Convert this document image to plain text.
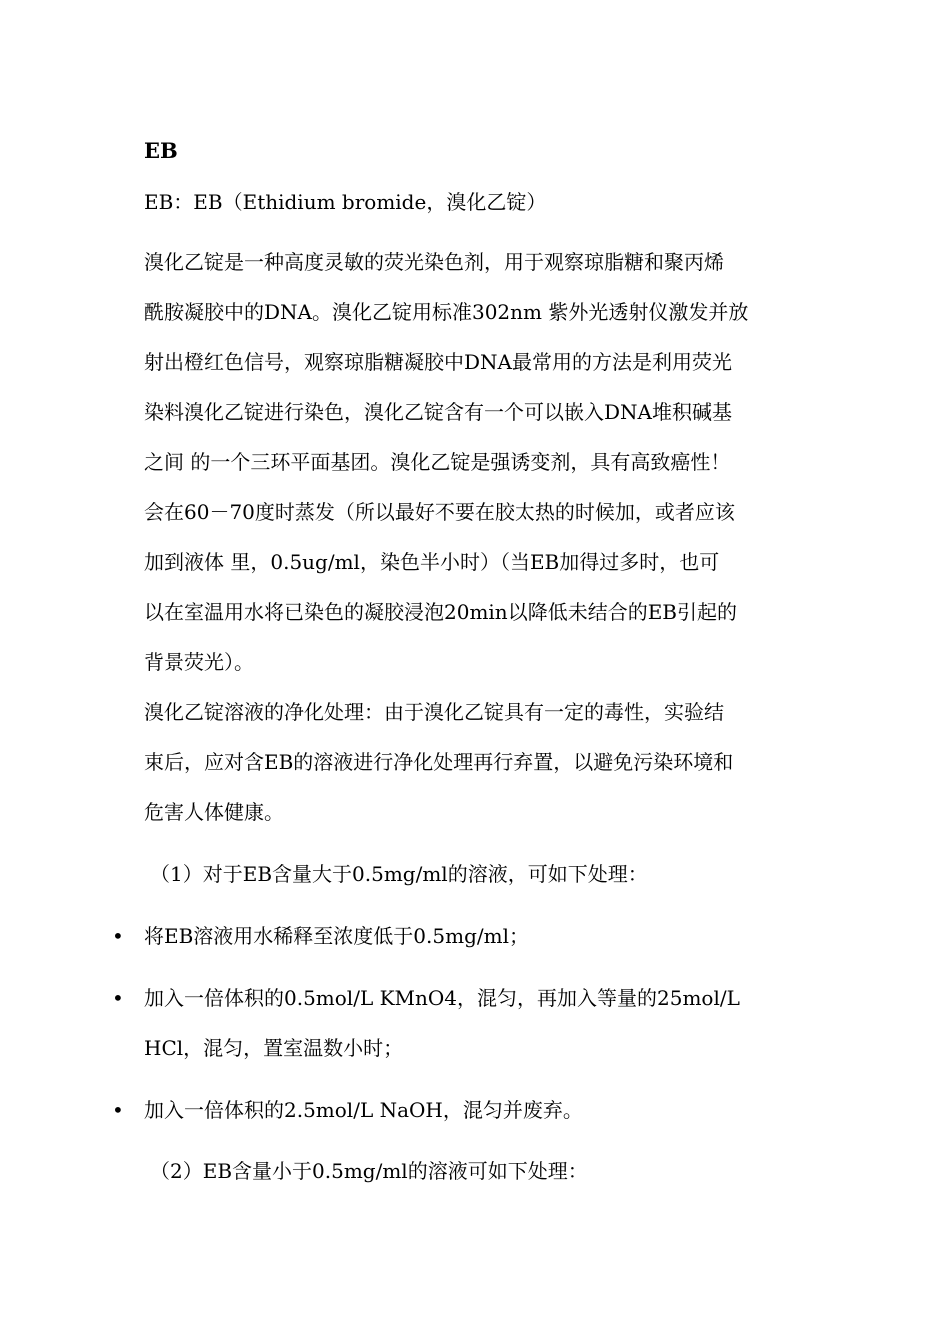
EB
EB：EB（Ethidium bromide，溴化乙锭）
溴化乙锭是一种高度灵敏的荧光染色剂，用于观察琼脂糖和聚丙烯
酰胺凝胶中的DNA。溴化乙锭用标准302nm 紫外光透射仪激发并放
射出橙红色信号，观察琼脂糖凝胶中DNA最常用的方法是利用荧光
染料溴化乙锭进行染色，溴化乙锭含有一个可以嵌入DNA堆积碱基
之间 的一个三环平面基团。溴化乙锭是强诱变剂，具有高致癌性！
会在60－70度时蒸发（所以最好不要在胶太热的时候加，或者应该
加到液体 里，0.5ug/ml，染色半小时）（当EB加得过多时，也可
以在室温用水将已染色的凝胶浸泡20min以降低未结合的EB引起的
背景荧光）。
溴化乙锭溶液的净化处理：由于溴化乙锭具有一定的毒性，实验结
束后，应对含EB的溶液进行净化处理再行弃置，以避免污染环境和
危害人体健康。
（1）对于EB含量大于0.5mg/ml的溶液，可如下处理：
• 将EB溶液用水稀释至浓度低于0.5mg/ml；
• 加入一倍体积的0.5mol/L KMnO4，混匀，再加入等量的25mol/L
HCl，混匀，置室温数小时；
• 加入一倍体积的2.5mol/L NaOH，混匀并废弃。
（2）EB含量小于0.5mg/ml的溶液可如下处理：
